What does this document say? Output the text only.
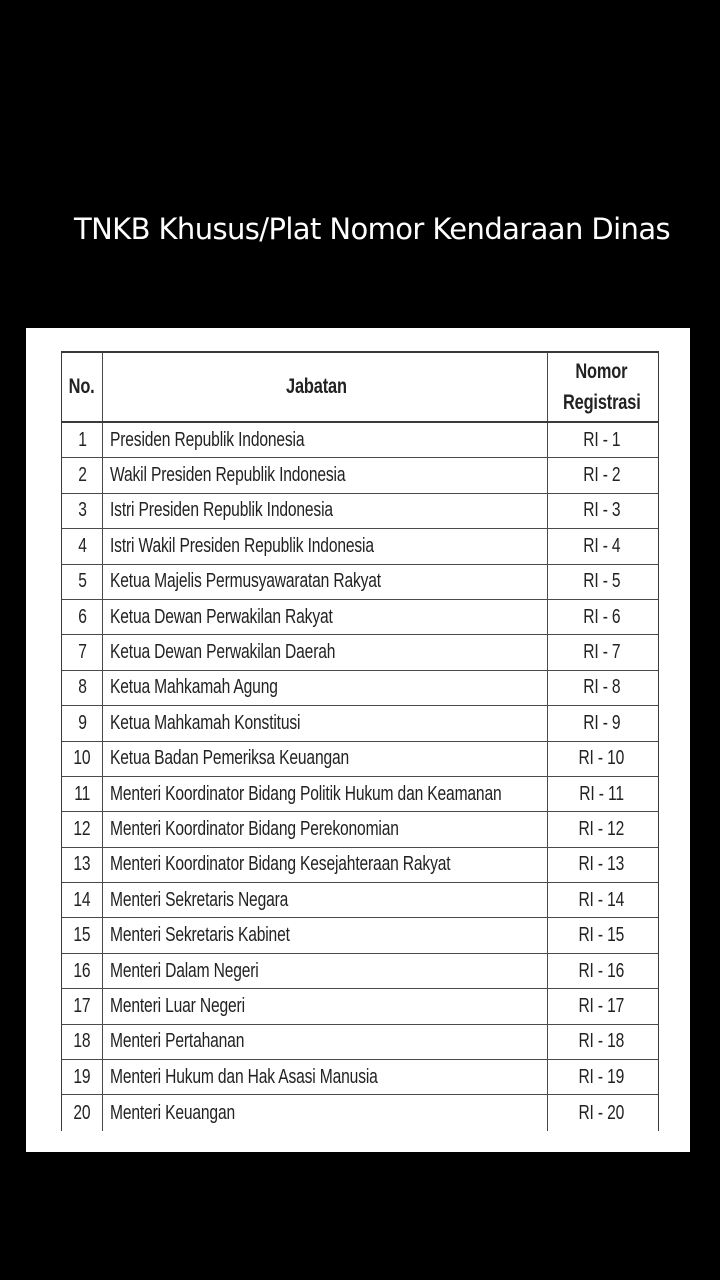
TNKB Khusus/Plat Nomor Kendaraan Dinas
No.	Jabatan
Nomor
Registrasi
1 Presiden Republik Indonesia	RI - 1
2 Wakil Presiden Republik Indonesia	RI - 2
3 Istri Presiden Republik Indonesia	RI - 3
4 Istri Wakil Presiden Republik Indonesia	RI - 4
5 Ketua Majelis Permusyawaratan Rakyat	RI - 5
6 Ketua Dewan Perwakilan Rakyat	RI - 6
7 Ketua Dewan Perwakilan Daerah	RI - 7
8 Ketua Mahkamah Agung	RI - 8
9 Ketua Mahkamah Konstitusi	RI - 9
10 Ketua Badan Pemeriksa Keuangan	RI - 10
11 Menteri Koordinator Bidang Politik Hukum dan Keamanan	RI - 11
12 Menteri Koordinator Bidang Perekonomian	RI - 12
13 Menteri Koordinator Bidang Kesejahteraan Rakyat	RI - 13
14 Menteri Sekretaris Negara	RI - 14
15 Menteri Sekretaris Kabinet	RI - 15
16 Menteri Dalam Negeri	RI - 16
17 Menteri Luar Negeri	RI - 17
18 Menteri Pertahanan	RI - 18
19 Menteri Hukum dan Hak Asasi Manusia	RI - 19
20 Menteri Keuangan	RI - 20
